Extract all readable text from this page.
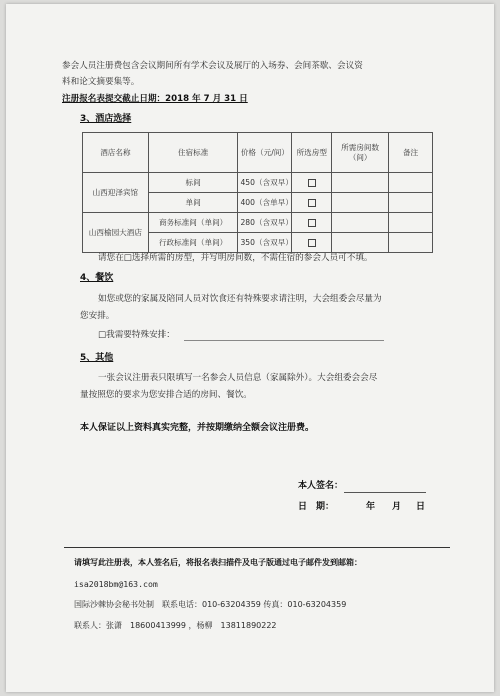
参会人员注册费包含会议期间所有学术会议及展厅的入场券、会间茶歇、会议资
料和论文摘要集等。
注册报名表提交截止日期：2018 年 7 月 31 日
3、酒店选择
酒店名称	住宿标准	价格（元/间）	所选房型	所需房间数（间）	备注
山西迎泽宾馆	标间	450（含双早）			
	单间	400（含单早）			
山西榆园大酒店	商务标准间（单间）	280（含双早）			
	行政标准间（单间）	350（含双早）			
请您在□选择所需的房型，并写明房间数，不需住宿的参会人员可不填。
4、餐饮
如您或您的家属及陪同人员对饮食还有特殊要求请注明，大会组委会尽量为
您安排。
□我需要特殊安排：
5、其他
一张会议注册表只限填写一名参会人员信息（家属除外）。大会组委会会尽
量按照您的要求为您安排合适的房间、餐饮。
本人保证以上资料真实完整，并按期缴纳全额会议注册费。
本人签名：
日　期：	年 月 日
请填写此注册表，本人签名后，将报名表扫描件及电子版通过电子邮件发到邮箱：
isa2018bm@163.com
国际沙棘协会秘书处制　联系电话：010-63204359 传真：010-63204359
联系人：张潇　18600413999 ，杨柳　13811890222
